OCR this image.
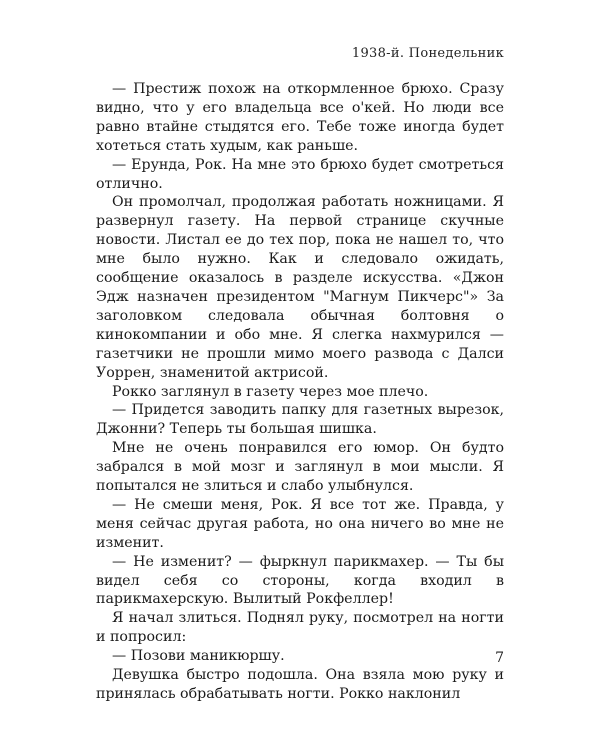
1938-й. Понедельник

— Престиж похож на откормленное брюхо. Сразу видно, что у его владельца все о'кей. Но люди все равно втайне стыдятся его. Тебе тоже иногда будет хотеться стать худым, как раньше.

— Ерунда, Рок. На мне это брюхо будет смотреться отлично.

Он промолчал, продолжая работать ножницами. Я развернул газету. На первой странице скучные новости. Листал ее до тех пор, пока не нашел то, что мне было нужно. Как и следовало ожидать, сообщение оказалось в разделе искусства. «Джон Эдж назначен президентом "Магнум Пикчерс"» За заголовком следовала обычная болтовня о кинокомпании и обо мне. Я слегка нахмурился — газетчики не прошли мимо моего развода с Далси Уоррен, знаменитой актрисой.

Рокко заглянул в газету через мое плечо.

— Придется заводить папку для газетных вырезок, Джонни? Теперь ты большая шишка.

Мне не очень понравился его юмор. Он будто забрался в мой мозг и заглянул в мои мысли. Я попытался не злиться и слабо улыбнулся.

— Не смеши меня, Рок. Я все тот же. Правда, у меня сейчас другая работа, но она ничего во мне не изменит.

— Не изменит? — фыркнул парикмахер. — Ты бы видел себя со стороны, когда входил в парикмахерскую. Вылитый Рокфеллер!

Я начал злиться. Поднял руку, посмотрел на ногти и попросил:

— Позови маникюршу.

Девушка быстро подошла. Она взяла мою руку и принялась обрабатывать ногти. Рокко наклонил

7
